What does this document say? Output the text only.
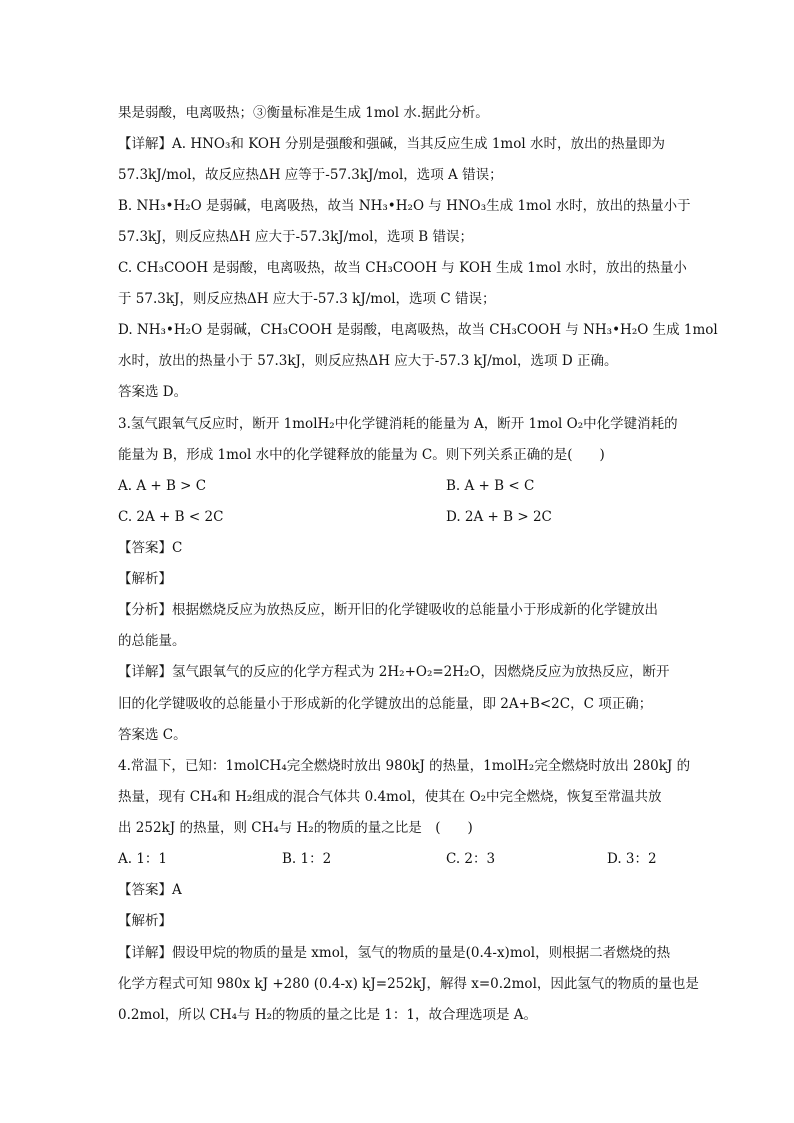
果是弱酸，电离吸热；③衡量标准是生成 1mol 水.据此分析。
【详解】A. HNO₃和 KOH 分别是强酸和强碱，当其反应生成 1mol 水时，放出的热量即为
57.3kJ/mol，故反应热ΔH 应等于-57.3kJ/mol，选项 A 错误；
B. NH₃•H₂O 是弱碱，电离吸热，故当 NH₃•H₂O 与 HNO₃生成 1mol 水时，放出的热量小于
57.3kJ，则反应热ΔH 应大于-57.3kJ/mol，选项 B 错误；
C. CH₃COOH 是弱酸，电离吸热，故当 CH₃COOH 与 KOH 生成 1mol 水时，放出的热量小
于 57.3kJ，则反应热ΔH 应大于-57.3 kJ/mol，选项 C 错误；
D. NH₃•H₂O 是弱碱，CH₃COOH 是弱酸，电离吸热，故当 CH₃COOH 与 NH₃•H₂O 生成 1mol
水时，放出的热量小于 57.3kJ，则反应热ΔH 应大于-57.3 kJ/mol，选项 D 正确。
答案选 D。
3.氢气跟氧气反应时，断开 1molH₂中化学键消耗的能量为 A，断开 1mol O₂中化学键消耗的
能量为 B，形成 1mol 水中的化学键释放的能量为 C。则下列关系正确的是(　　)
A. A + B > C	B. A + B < C
C. 2A + B < 2C	D. 2A + B > 2C
【答案】C
【解析】
【分析】根据燃烧反应为放热反应，断开旧的化学键吸收的总能量小于形成新的化学键放出
的总能量。
【详解】氢气跟氧气的反应的化学方程式为 2H₂+O₂=2H₂O，因燃烧反应为放热反应，断开
旧的化学键吸收的总能量小于形成新的化学键放出的总能量，即 2A+B<2C，C 项正确；
答案选 C。
4.常温下，已知：1molCH₄完全燃烧时放出 980kJ 的热量，1molH₂完全燃烧时放出 280kJ 的
热量，现有 CH₄和 H₂组成的混合气体共 0.4mol，使其在 O₂中完全燃烧，恢复至常温共放
出 252kJ 的热量，则 CH₄与 H₂的物质的量之比是　(　　)
A. 1：1	B. 1：2	C. 2：3	D. 3：2
【答案】A
【解析】
【详解】假设甲烷的物质的量是 xmol，氢气的物质的量是(0.4-x)mol，则根据二者燃烧的热
化学方程式可知 980x kJ +280 (0.4-x) kJ=252kJ，解得 x=0.2mol，因此氢气的物质的量也是
0.2mol，所以 CH₄与 H₂的物质的量之比是 1：1，故合理选项是 A。
